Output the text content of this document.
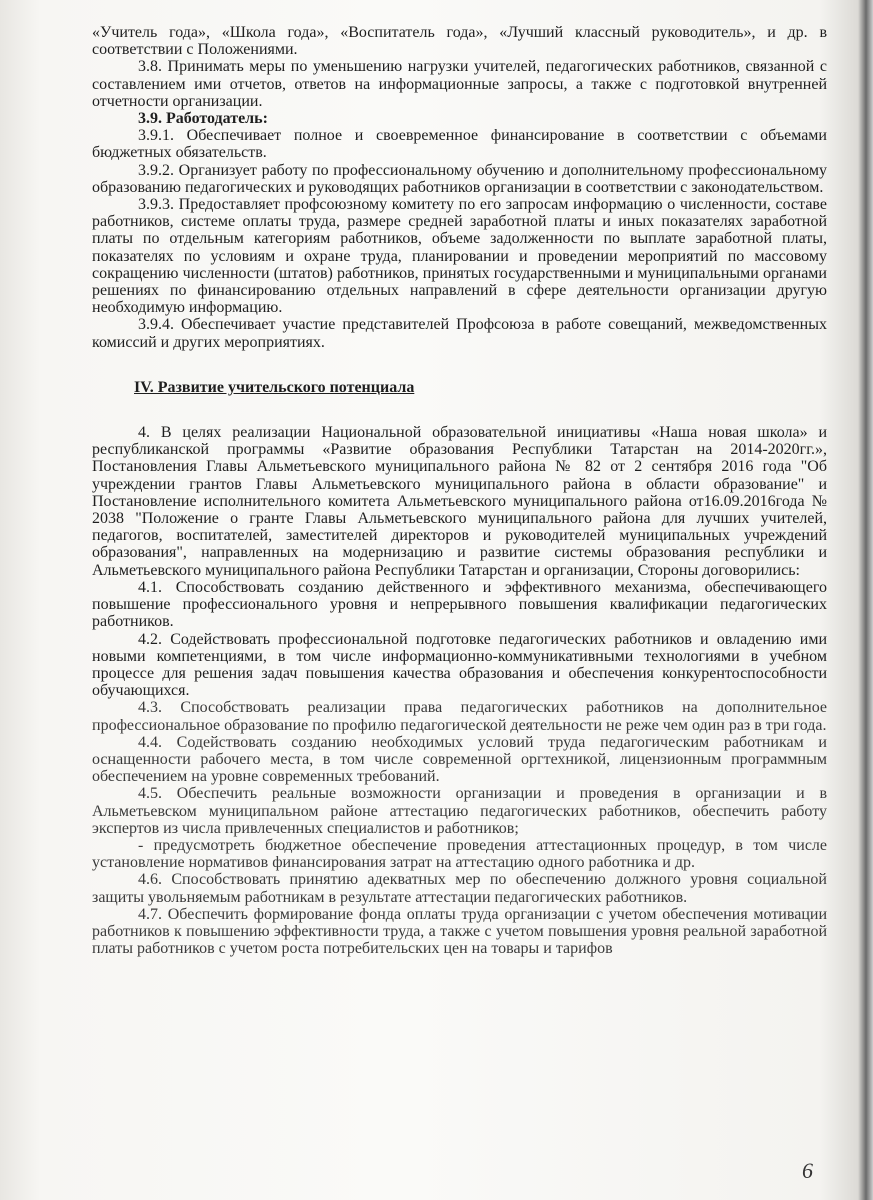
«Учитель года», «Школа года», «Воспитатель года», «Лучший классный руководитель», и др. в соответствии с Положениями.

3.8. Принимать меры по уменьшению нагрузки учителей, педагогических работников, связанной с составлением ими отчетов, ответов на информационные запросы, а также с подготовкой внутренней отчетности организации.

3.9. Работодатель:

3.9.1. Обеспечивает полное и своевременное финансирование в соответствии с объемами бюджетных обязательств.

3.9.2. Организует работу по профессиональному обучению и дополнительному профессиональному образованию педагогических и руководящих работников организации в соответствии с законодательством.

3.9.3. Предоставляет профсоюзному комитету по его запросам информацию о численности, составе работников, системе оплаты труда, размере средней заработной платы и иных показателях заработной платы по отдельным категориям работников, объеме задолженности по выплате заработной платы, показателях по условиям и охране труда, планировании и проведении мероприятий по массовому сокращению численности (штатов) работников, принятых государственными и муниципальными органами решениях по финансированию отдельных направлений в сфере деятельности организации другую необходимую информацию.

3.9.4. Обеспечивает участие представителей Профсоюза в работе совещаний, межведомственных комиссий и других мероприятиях.

IV. Развитие учительского потенциала

4. В целях реализации Национальной образовательной инициативы «Наша новая школа» и республиканской программы «Развитие образования Республики Татарстан на 2014-2020гг.», Постановления Главы Альметьевского муниципального района № 82 от 2 сентября 2016 года "Об учреждении грантов Главы Альметьевского муниципального района в области образование" и Постановление исполнительного комитета Альметьевского муниципального района от16.09.2016года № 2038 "Положение о гранте Главы Альметьевского муниципального района для лучших учителей, педагогов, воспитателей, заместителей директоров и руководителей муниципальных учреждений образования", направленных на модернизацию и развитие системы образования республики и Альметьевского муниципального района Республики Татарстан и организации, Стороны договорились:

4.1. Способствовать созданию действенного и эффективного механизма, обеспечивающего повышение профессионального уровня и непрерывного повышения квалификации педагогических работников.

4.2. Содействовать профессиональной подготовке педагогических работников и овладению ими новыми компетенциями, в том числе информационно-коммуникативными технологиями в учебном процессе для решения задач повышения качества образования и обеспечения конкурентоспособности обучающихся.

4.3. Способствовать реализации права педагогических работников на дополнительное профессиональное образование по профилю педагогической деятельности не реже чем один раз в три года.

4.4. Содействовать созданию необходимых условий труда педагогическим работникам и оснащенности рабочего места, в том числе современной оргтехникой, лицензионным программным обеспечением на уровне современных требований.

4.5. Обеспечить реальные возможности организации и проведения в организации и в Альметьевском муниципальном районе аттестацию педагогических работников, обеспечить работу экспертов из числа привлеченных специалистов и работников;

- предусмотреть бюджетное обеспечение проведения аттестационных процедур, в том числе установление нормативов финансирования затрат на аттестацию одного работника и др.

4.6. Способствовать принятию адекватных мер по обеспечению должного уровня социальной защиты увольняемым работникам в результате аттестации педагогических работников.

4.7. Обеспечить формирование фонда оплаты труда организации с учетом обеспечения мотивации работников к повышению эффективности труда, а также с учетом повышения уровня реальной заработной платы работников с учетом роста потребительских цен на товары и тарифов

6
